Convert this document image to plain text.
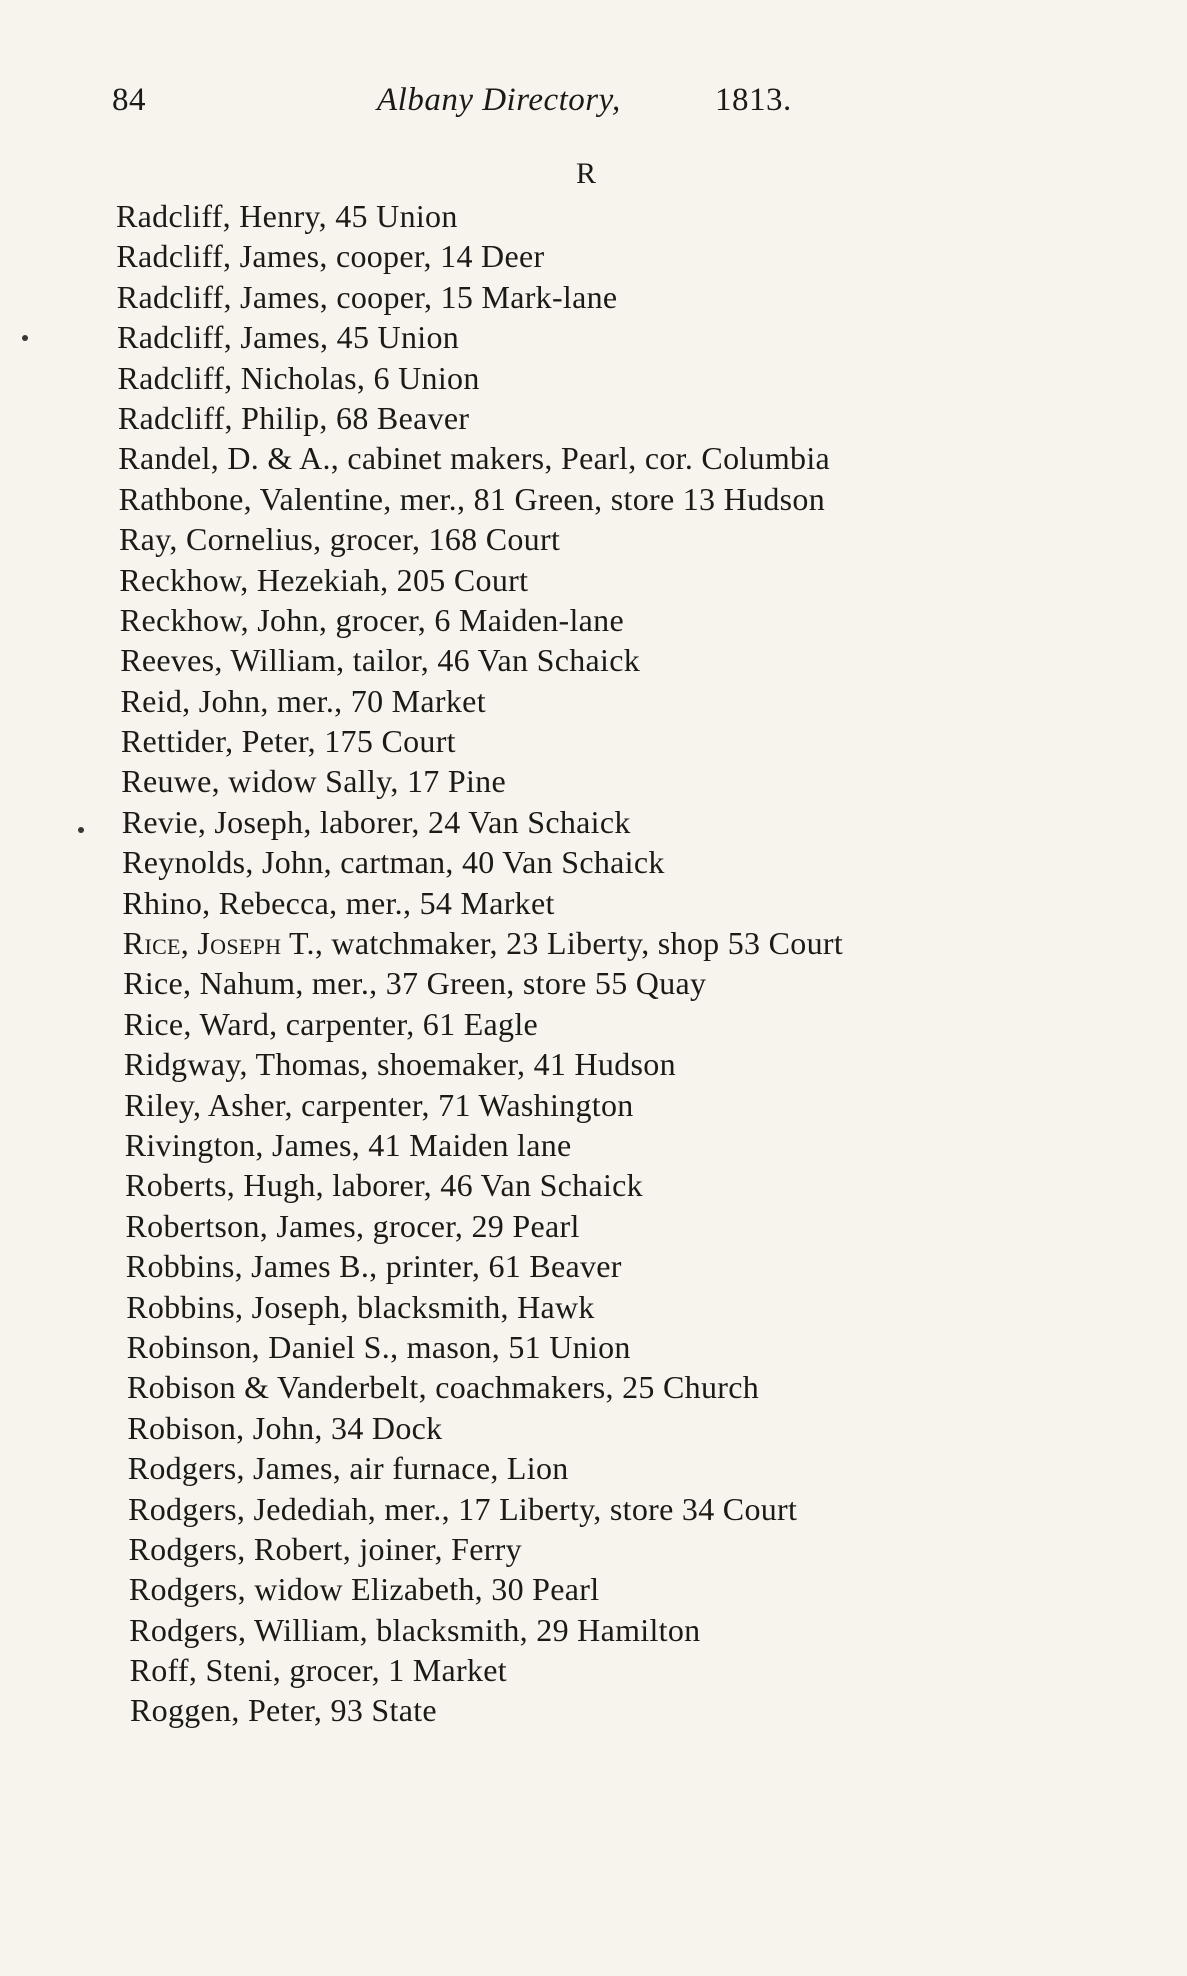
84	Albany Directory,	1813.
R
Radcliff, Henry, 45 Union
Radcliff, James, cooper, 14 Deer
Radcliff, James, cooper, 15 Mark-lane
Radcliff, James, 45 Union
Radcliff, Nicholas, 6 Union
Radcliff, Philip, 68 Beaver
Randel, D. & A., cabinet makers, Pearl, cor. Columbia
Rathbone, Valentine, mer., 81 Green, store 13 Hudson
Ray, Cornelius, grocer, 168 Court
Reckhow, Hezekiah, 205 Court
Reckhow, John, grocer, 6 Maiden-lane
Reeves, William, tailor, 46 Van Schaick
Reid, John, mer., 70 Market
Rettider, Peter, 175 Court
Reuwe, widow Sally, 17 Pine
Revie, Joseph, laborer, 24 Van Schaick
Reynolds, John, cartman, 40 Van Schaick
Rhino, Rebecca, mer., 54 Market
Rice, Joseph T., watchmaker, 23 Liberty, shop 53 Court
Rice, Nahum, mer., 37 Green, store 55 Quay
Rice, Ward, carpenter, 61 Eagle
Ridgway, Thomas, shoemaker, 41 Hudson
Riley, Asher, carpenter, 71 Washington
Rivington, James, 41 Maiden lane
Roberts, Hugh, laborer, 46 Van Schaick
Robertson, James, grocer, 29 Pearl
Robbins, James B., printer, 61 Beaver
Robbins, Joseph, blacksmith, Hawk
Robinson, Daniel S., mason, 51 Union
Robison & Vanderbelt, coachmakers, 25 Church
Robison, John, 34 Dock
Rodgers, James, air furnace, Lion
Rodgers, Jedediah, mer., 17 Liberty, store 34 Court
Rodgers, Robert, joiner, Ferry
Rodgers, widow Elizabeth, 30 Pearl
Rodgers, William, blacksmith, 29 Hamilton
Roff, Steni, grocer, 1 Market
Roggen, Peter, 93 State
